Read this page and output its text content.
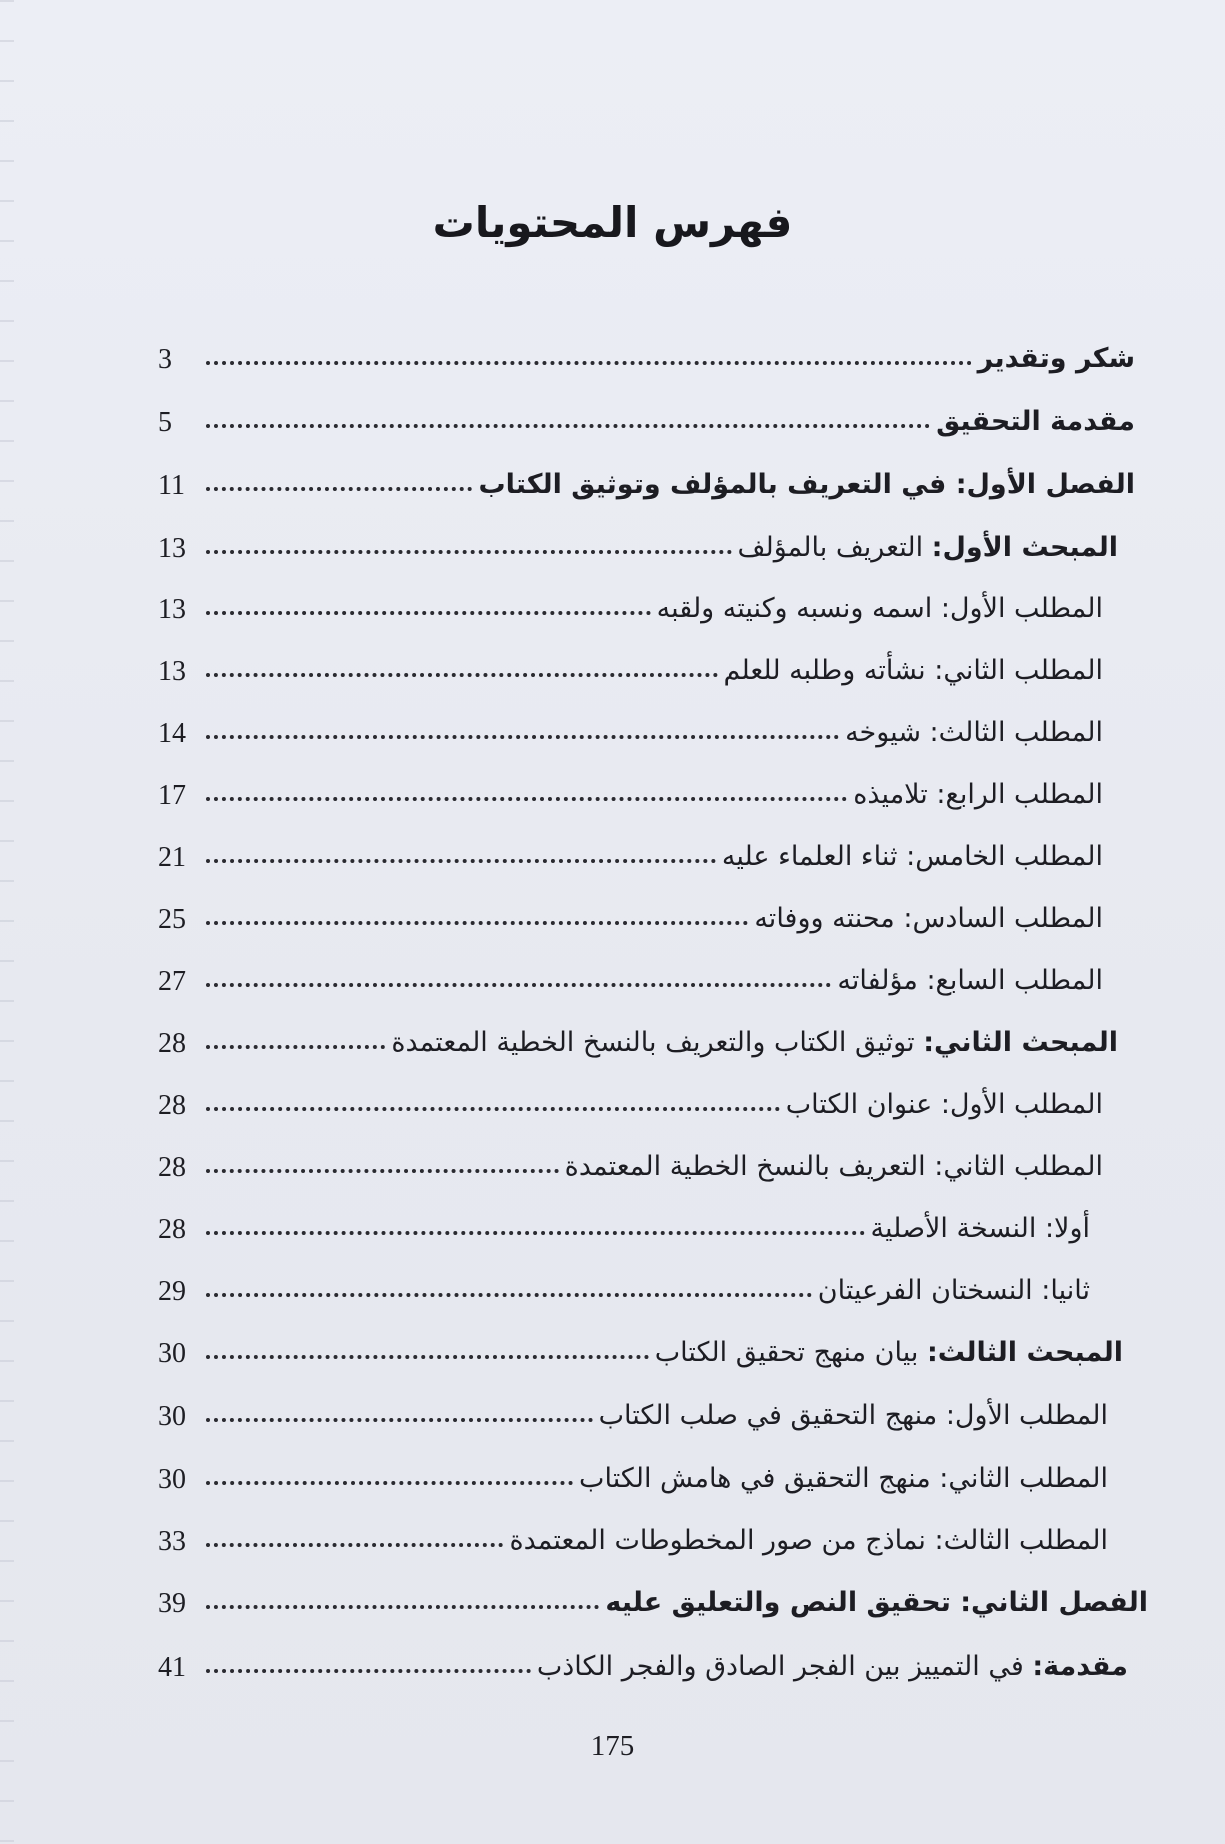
فهرس المحتويات
شكر وتقدير
3
مقدمة التحقيق
5
الفصل الأول: في التعريف بالمؤلف وتوثيق الكتاب
11
المبحث الأول: التعريف بالمؤلف
13
المطلب الأول: اسمه ونسبه وكنيته ولقبه
13
المطلب الثاني: نشأته وطلبه للعلم
13
المطلب الثالث: شيوخه
14
المطلب الرابع: تلاميذه
17
المطلب الخامس: ثناء العلماء عليه
21
المطلب السادس: محنته ووفاته
25
المطلب السابع: مؤلفاته
27
المبحث الثاني: توثيق الكتاب والتعريف بالنسخ الخطية المعتمدة
28
المطلب الأول: عنوان الكتاب
28
المطلب الثاني: التعريف بالنسخ الخطية المعتمدة
28
أولا: النسخة الأصلية
28
ثانيا: النسختان الفرعيتان
29
المبحث الثالث: بيان منهج تحقيق الكتاب
30
المطلب الأول: منهج التحقيق في صلب الكتاب
30
المطلب الثاني: منهج التحقيق في هامش الكتاب
30
المطلب الثالث: نماذج من صور المخطوطات المعتمدة
33
الفصل الثاني: تحقيق النص والتعليق عليه
39
مقدمة: في التمييز بين الفجر الصادق والفجر الكاذب
41
175
